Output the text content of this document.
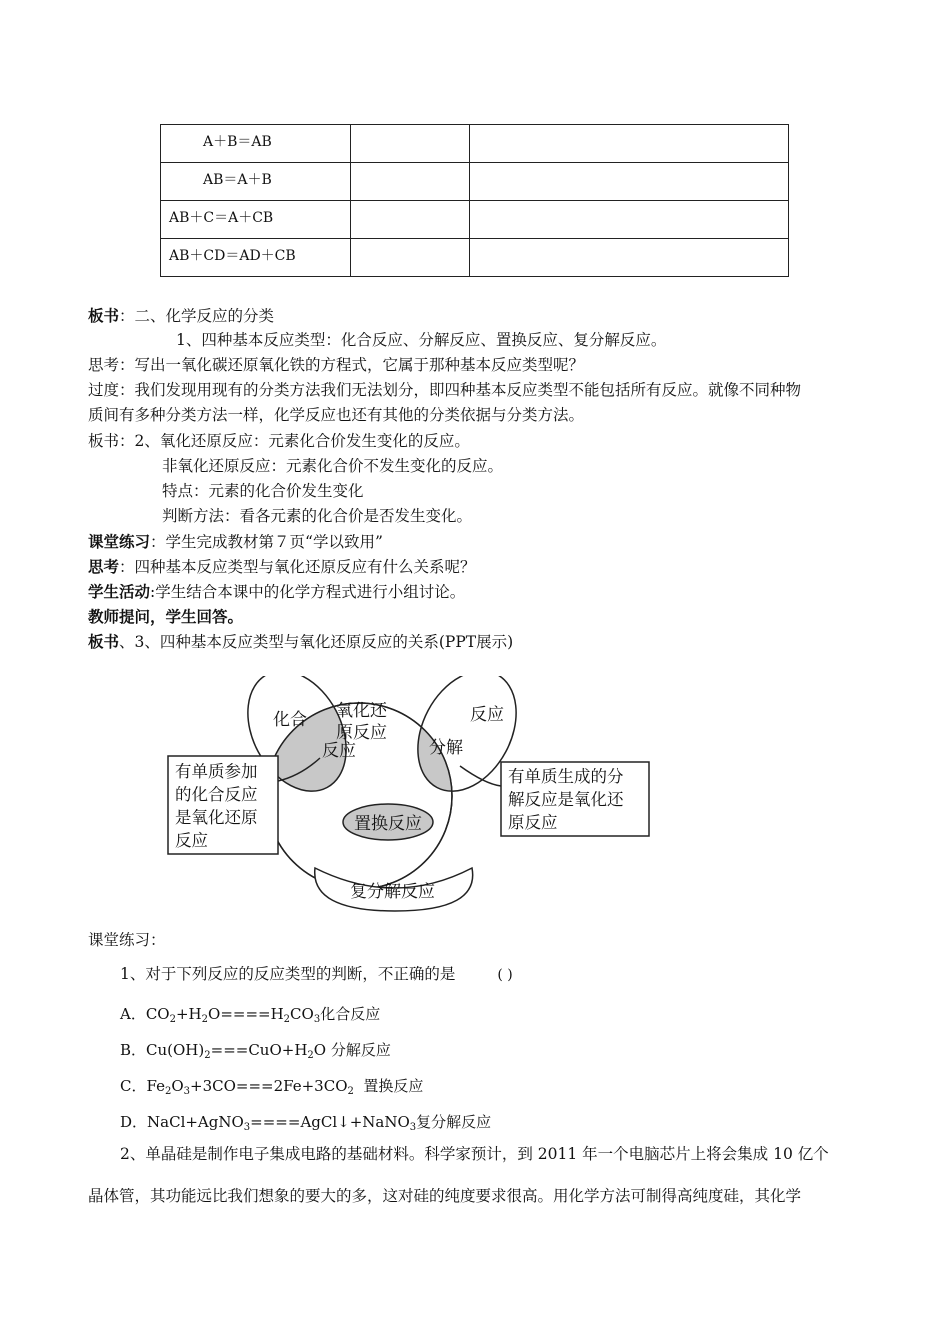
A＋B＝AB		
AB＝A＋B		
AB＋C＝A＋CB		
AB＋CD＝AD＋CB		
板书：二、化学反应的分类
1、四种基本反应类型：化合反应、分解反应、置换反应、复分解反应。
思考：写出一氧化碳还原氧化铁的方程式，它属于那种基本反应类型呢？
过度：我们发现用现有的分类方法我们无法划分，即四种基本反应类型不能包括所有反应。就像不同种物
质间有多种分类方法一样，化学反应也还有其他的分类依据与分类方法。
板书：2、氧化还原反应：元素化合价发生变化的反应。
非氧化还原反应：元素化合价不发生变化的反应。
特点：元素的化合价发生变化
判断方法：看各元素的化合价是否发生变化。
课堂练习：学生完成教材第７页“学以致用”
思考：四种基本反应类型与氧化还原反应有什么关系呢？
学生活动:学生结合本课中的化学方程式进行小组讨论。
教师提问，学生回答。
板书、3、四种基本反应类型与氧化还原反应的关系(PPT展示)
化合 氧化还
原反应
反应
反应	分解
置换反应
复分解反应
有单质参加
的化合反应
是氧化还原
反应
有单质生成的分
解反应是氧化还
原反应
课堂练习：
1、对于下列反应的反应类型的判断，不正确的是	( )
A．$CO_2+H_2O====H_2CO_3$化合反应
B．$Cu(OH)_2===CuO+H_2O$ 分解反应
C．$Fe_2O_3+3CO===2Fe+3CO_2$  置换反应
D．NaCl+AgNO$_3$====AgCl↓+NaNO$_3$复分解反应
2、单晶硅是制作电子集成电路的基础材料。科学家预计，到 2011 年一个电脑芯片上将会集成 10 亿个
晶体管，其功能远比我们想象的要大的多，这对硅的纯度要求很高。用化学方法可制得高纯度硅，其化学
